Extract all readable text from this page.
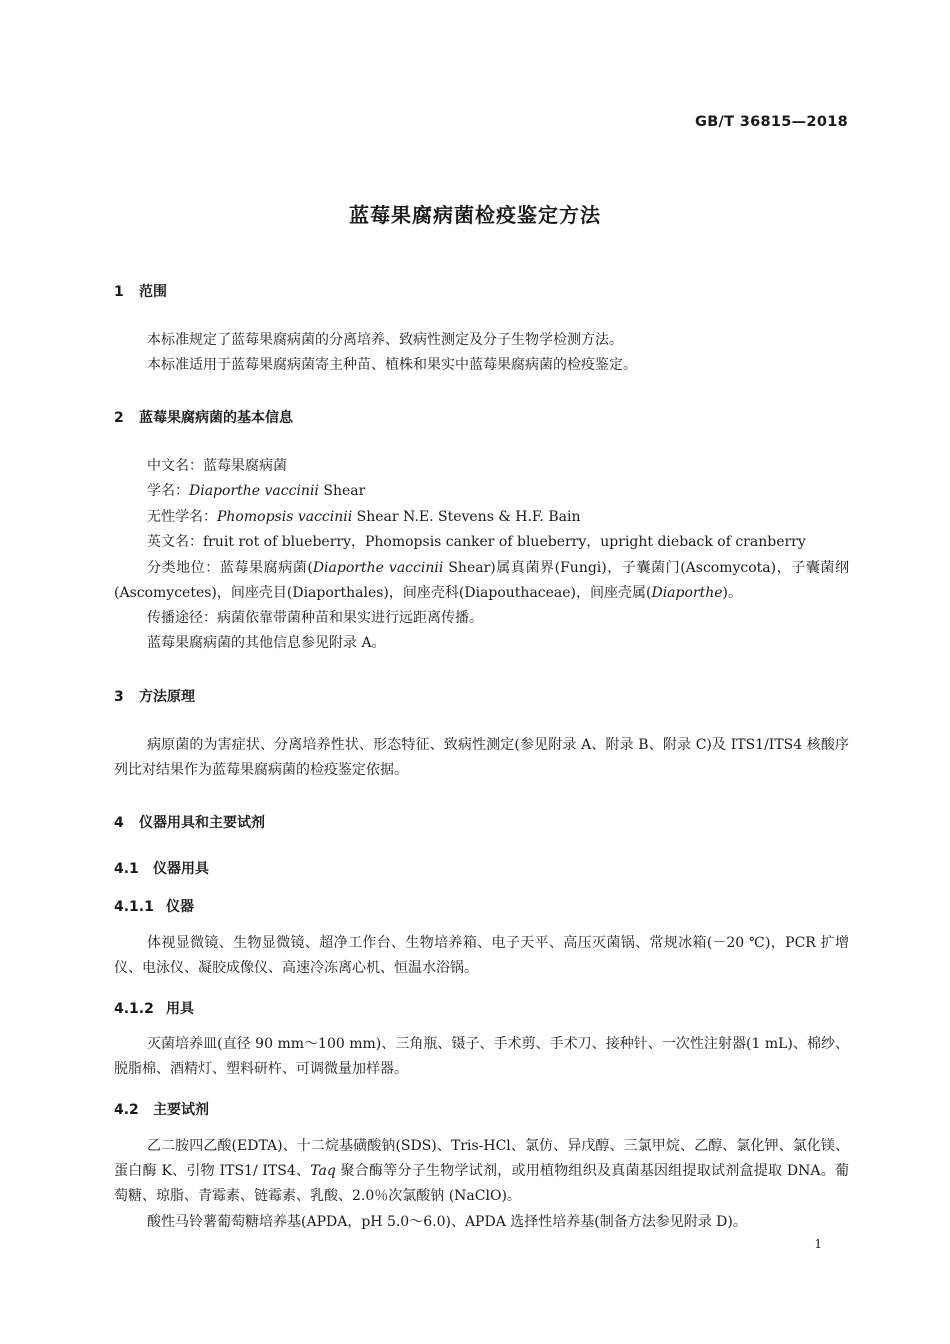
GB/T 36815—2018
蓝莓果腐病菌检疫鉴定方法
1 范围

本标准规定了蓝莓果腐病菌的分离培养、致病性测定及分子生物学检测方法。

本标准适用于蓝莓果腐病菌寄主种苗、植株和果实中蓝莓果腐病菌的检疫鉴定。

2 蓝莓果腐病菌的基本信息

中文名：蓝莓果腐病菌

学名：Diaporthe vaccinii Shear

无性学名：Phomopsis vaccinii Shear N.E. Stevens & H.F. Bain

英文名：fruit rot of blueberry，Phomopsis canker of blueberry，upright dieback of cranberry

分类地位：蓝莓果腐病菌(Diaporthe vaccinii Shear)属真菌界(Fungi)，子囊菌门(Ascomycota)，子囊菌纲(Ascomycetes)，间座壳目(Diaporthales)，间座壳科(Diapouthaceae)，间座壳属(Diaporthe)。

传播途径：病菌依靠带菌种苗和果实进行远距离传播。

蓝莓果腐病菌的其他信息参见附录 A。

3 方法原理

病原菌的为害症状、分离培养性状、形态特征、致病性测定(参见附录 A、附录 B、附录 C)及 ITS1/ITS4 核酸序列比对结果作为蓝莓果腐病菌的检疫鉴定依据。

4 仪器用具和主要试剂
4.1 仪器用具
4.1.1 仪器

体视显微镜、生物显微镜、超净工作台、生物培养箱、电子天平、高压灭菌锅、常规冰箱(－20 ℃)，PCR 扩增仪、电泳仪、凝胶成像仪、高速冷冻离心机、恒温水浴锅。

4.1.2 用具

灭菌培养皿(直径 90 mm～100 mm)、三角瓶、镊子、手术剪、手术刀、接种针、一次性注射器(1 mL)、棉纱、脱脂棉、酒精灯、塑料研杵、可调微量加样器。

4.2 主要试剂

乙二胺四乙酸(EDTA)、十二烷基磺酸钠(SDS)、Tris-HCl、氯仿、异戊醇、三氯甲烷、乙醇、氯化钾、氯化镁、蛋白酶 K、引物 ITS1/ ITS4、Taq 聚合酶等分子生物学试剂，或用植物组织及真菌基因组提取试剂盒提取 DNA。葡萄糖、琼脂、青霉素、链霉素、乳酸、2.0％次氯酸钠 (NaClO)。

酸性马铃薯葡萄糖培养基(APDA，pH 5.0～6.0)、APDA 选择性培养基(制备方法参见附录 D)。

1
